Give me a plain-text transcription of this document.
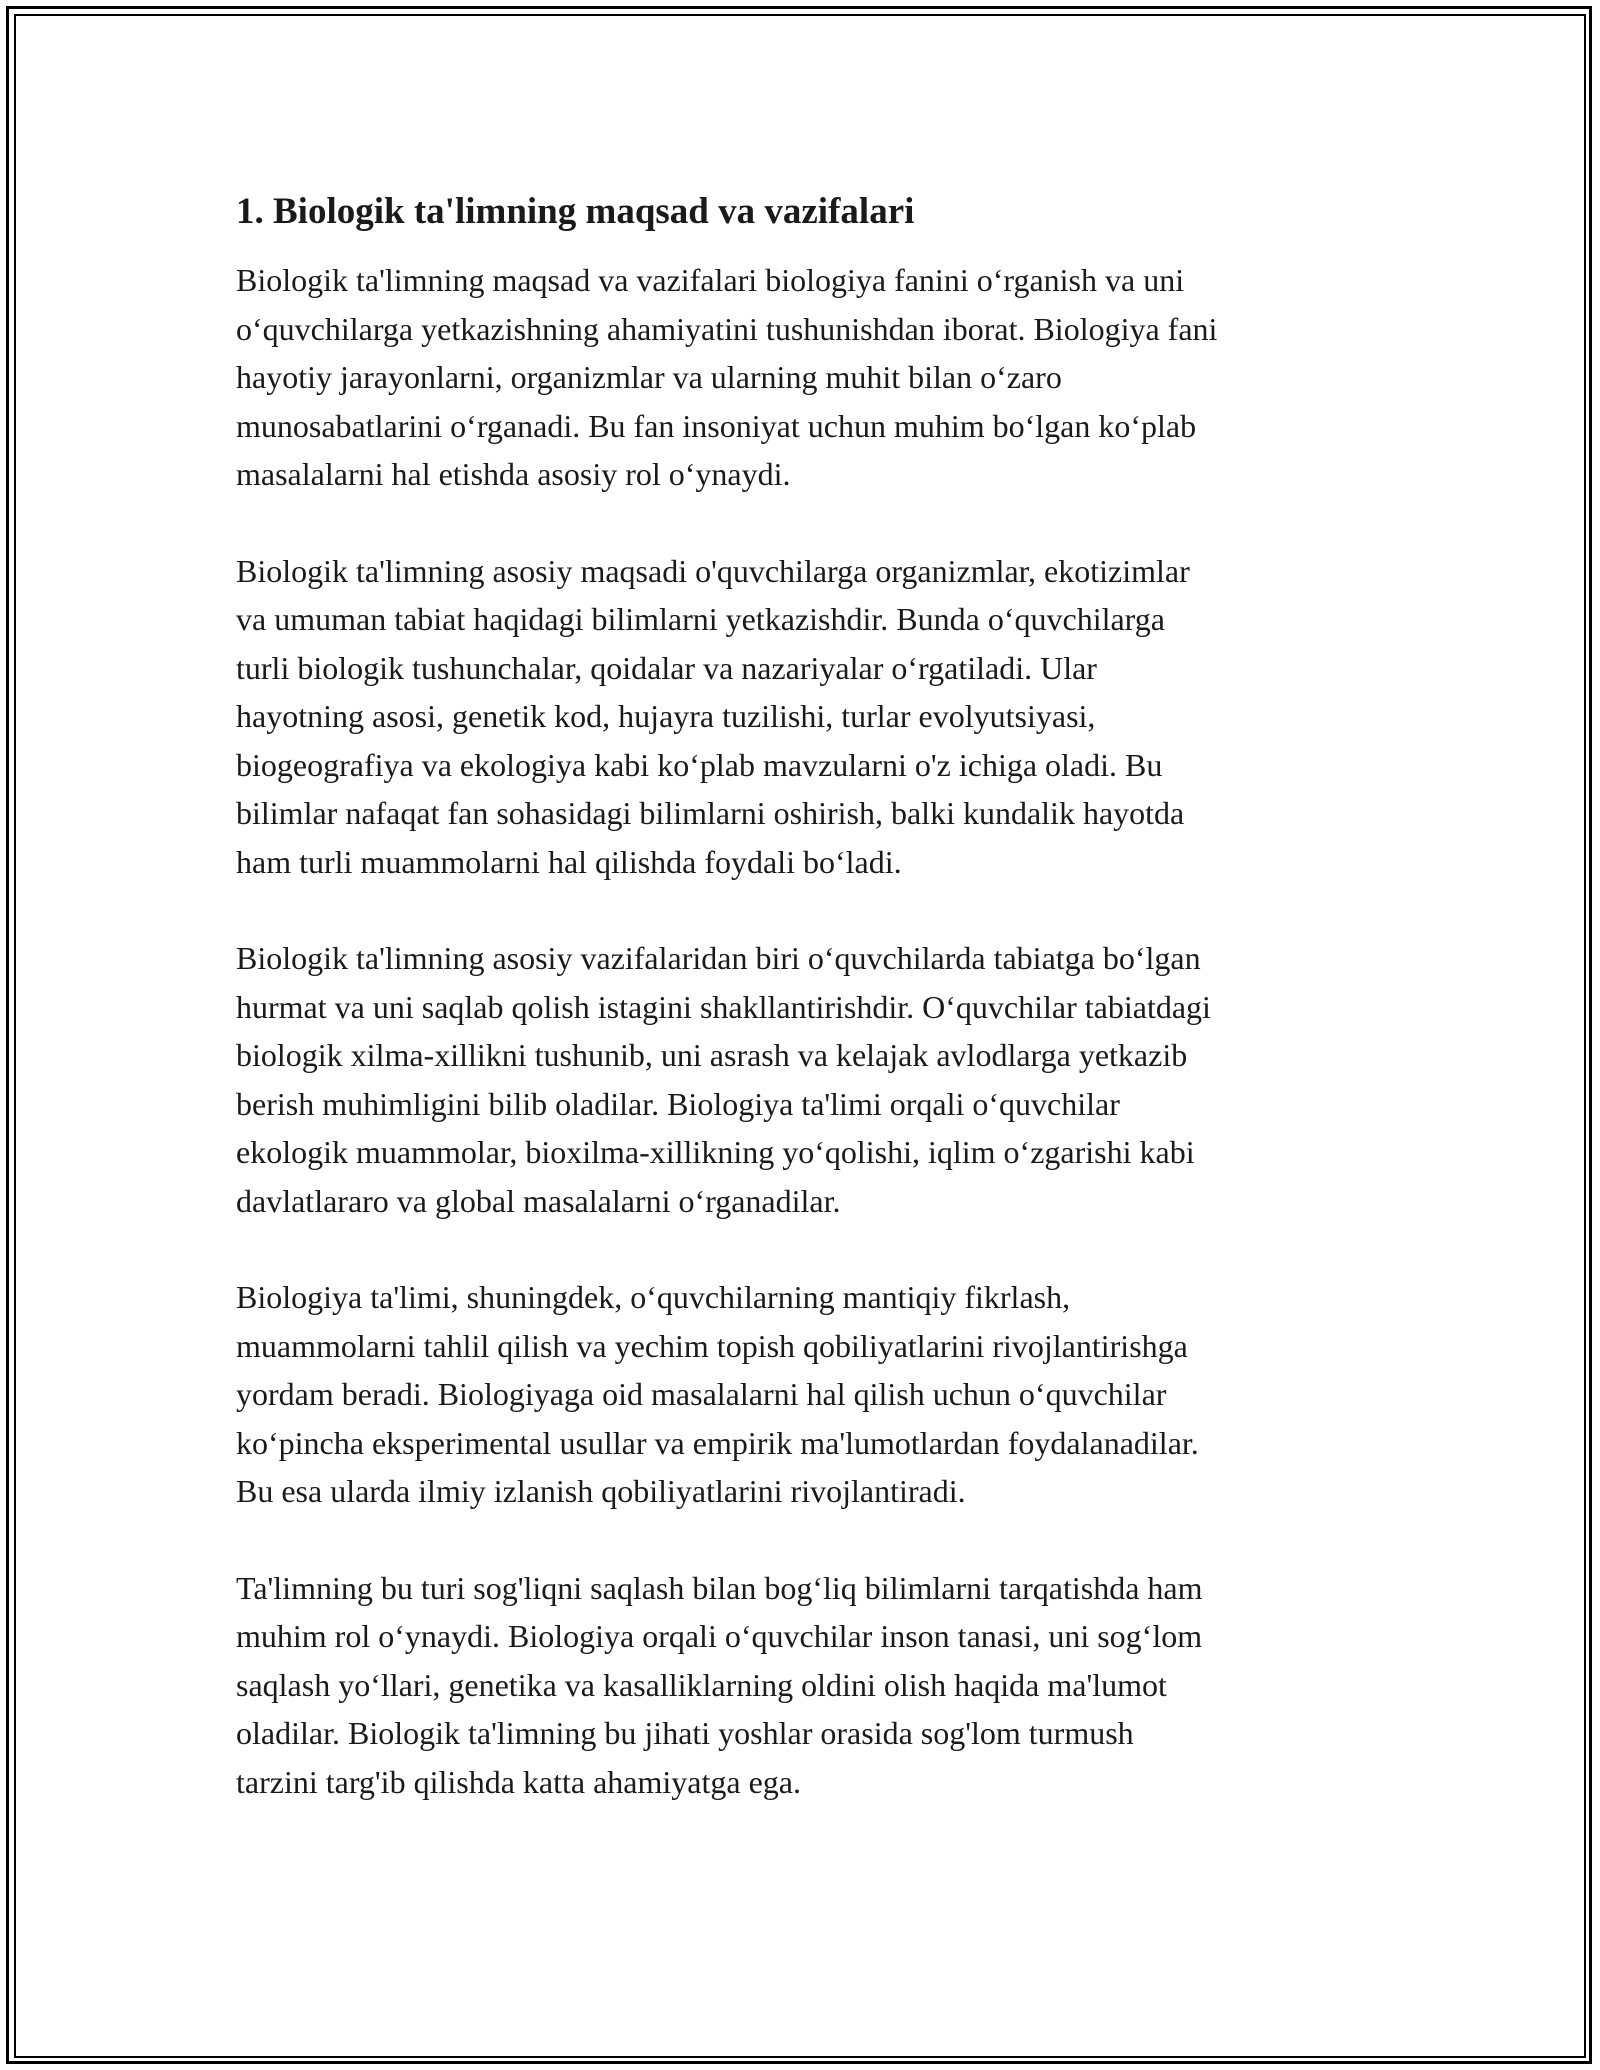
1. Biologik ta'limning maqsad va vazifalari

Biologik ta'limning maqsad va vazifalari biologiya fanini o‘rganish va uni
o‘quvchilarga yetkazishning ahamiyatini tushunishdan iborat. Biologiya fani
hayotiy jarayonlarni, organizmlar va ularning muhit bilan o‘zaro
munosabatlarini o‘rganadi. Bu fan insoniyat uchun muhim bo‘lgan ko‘plab
masalalarni hal etishda asosiy rol o‘ynaydi.

Biologik ta'limning asosiy maqsadi o'quvchilarga organizmlar, ekotizimlar
va umuman tabiat haqidagi bilimlarni yetkazishdir. Bunda o‘quvchilarga
turli biologik tushunchalar, qoidalar va nazariyalar o‘rgatiladi. Ular
hayotning asosi, genetik kod, hujayra tuzilishi, turlar evolyutsiyasi,
biogeografiya va ekologiya kabi ko‘plab mavzularni o'z ichiga oladi. Bu
bilimlar nafaqat fan sohasidagi bilimlarni oshirish, balki kundalik hayotda
ham turli muammolarni hal qilishda foydali bo‘ladi.

Biologik ta'limning asosiy vazifalaridan biri o‘quvchilarda tabiatga bo‘lgan
hurmat va uni saqlab qolish istagini shakllantirishdir. O‘quvchilar tabiatdagi
biologik xilma-xillikni tushunib, uni asrash va kelajak avlodlarga yetkazib
berish muhimligini bilib oladilar. Biologiya ta'limi orqali o‘quvchilar
ekologik muammolar, bioxilma-xillikning yo‘qolishi, iqlim o‘zgarishi kabi
davlatlararo va global masalalarni o‘rganadilar.

Biologiya ta'limi, shuningdek, o‘quvchilarning mantiqiy fikrlash,
muammolarni tahlil qilish va yechim topish qobiliyatlarini rivojlantirishga
yordam beradi. Biologiyaga oid masalalarni hal qilish uchun o‘quvchilar
ko‘pincha eksperimental usullar va empirik ma'lumotlardan foydalanadilar.
Bu esa ularda ilmiy izlanish qobiliyatlarini rivojlantiradi.

Ta'limning bu turi sog'liqni saqlash bilan bog‘liq bilimlarni tarqatishda ham
muhim rol o‘ynaydi. Biologiya orqali o‘quvchilar inson tanasi, uni sog‘lom
saqlash yo‘llari, genetika va kasalliklarning oldini olish haqida ma'lumot
oladilar. Biologik ta'limning bu jihati yoshlar orasida sog'lom turmush
tarzini targ'ib qilishda katta ahamiyatga ega.
